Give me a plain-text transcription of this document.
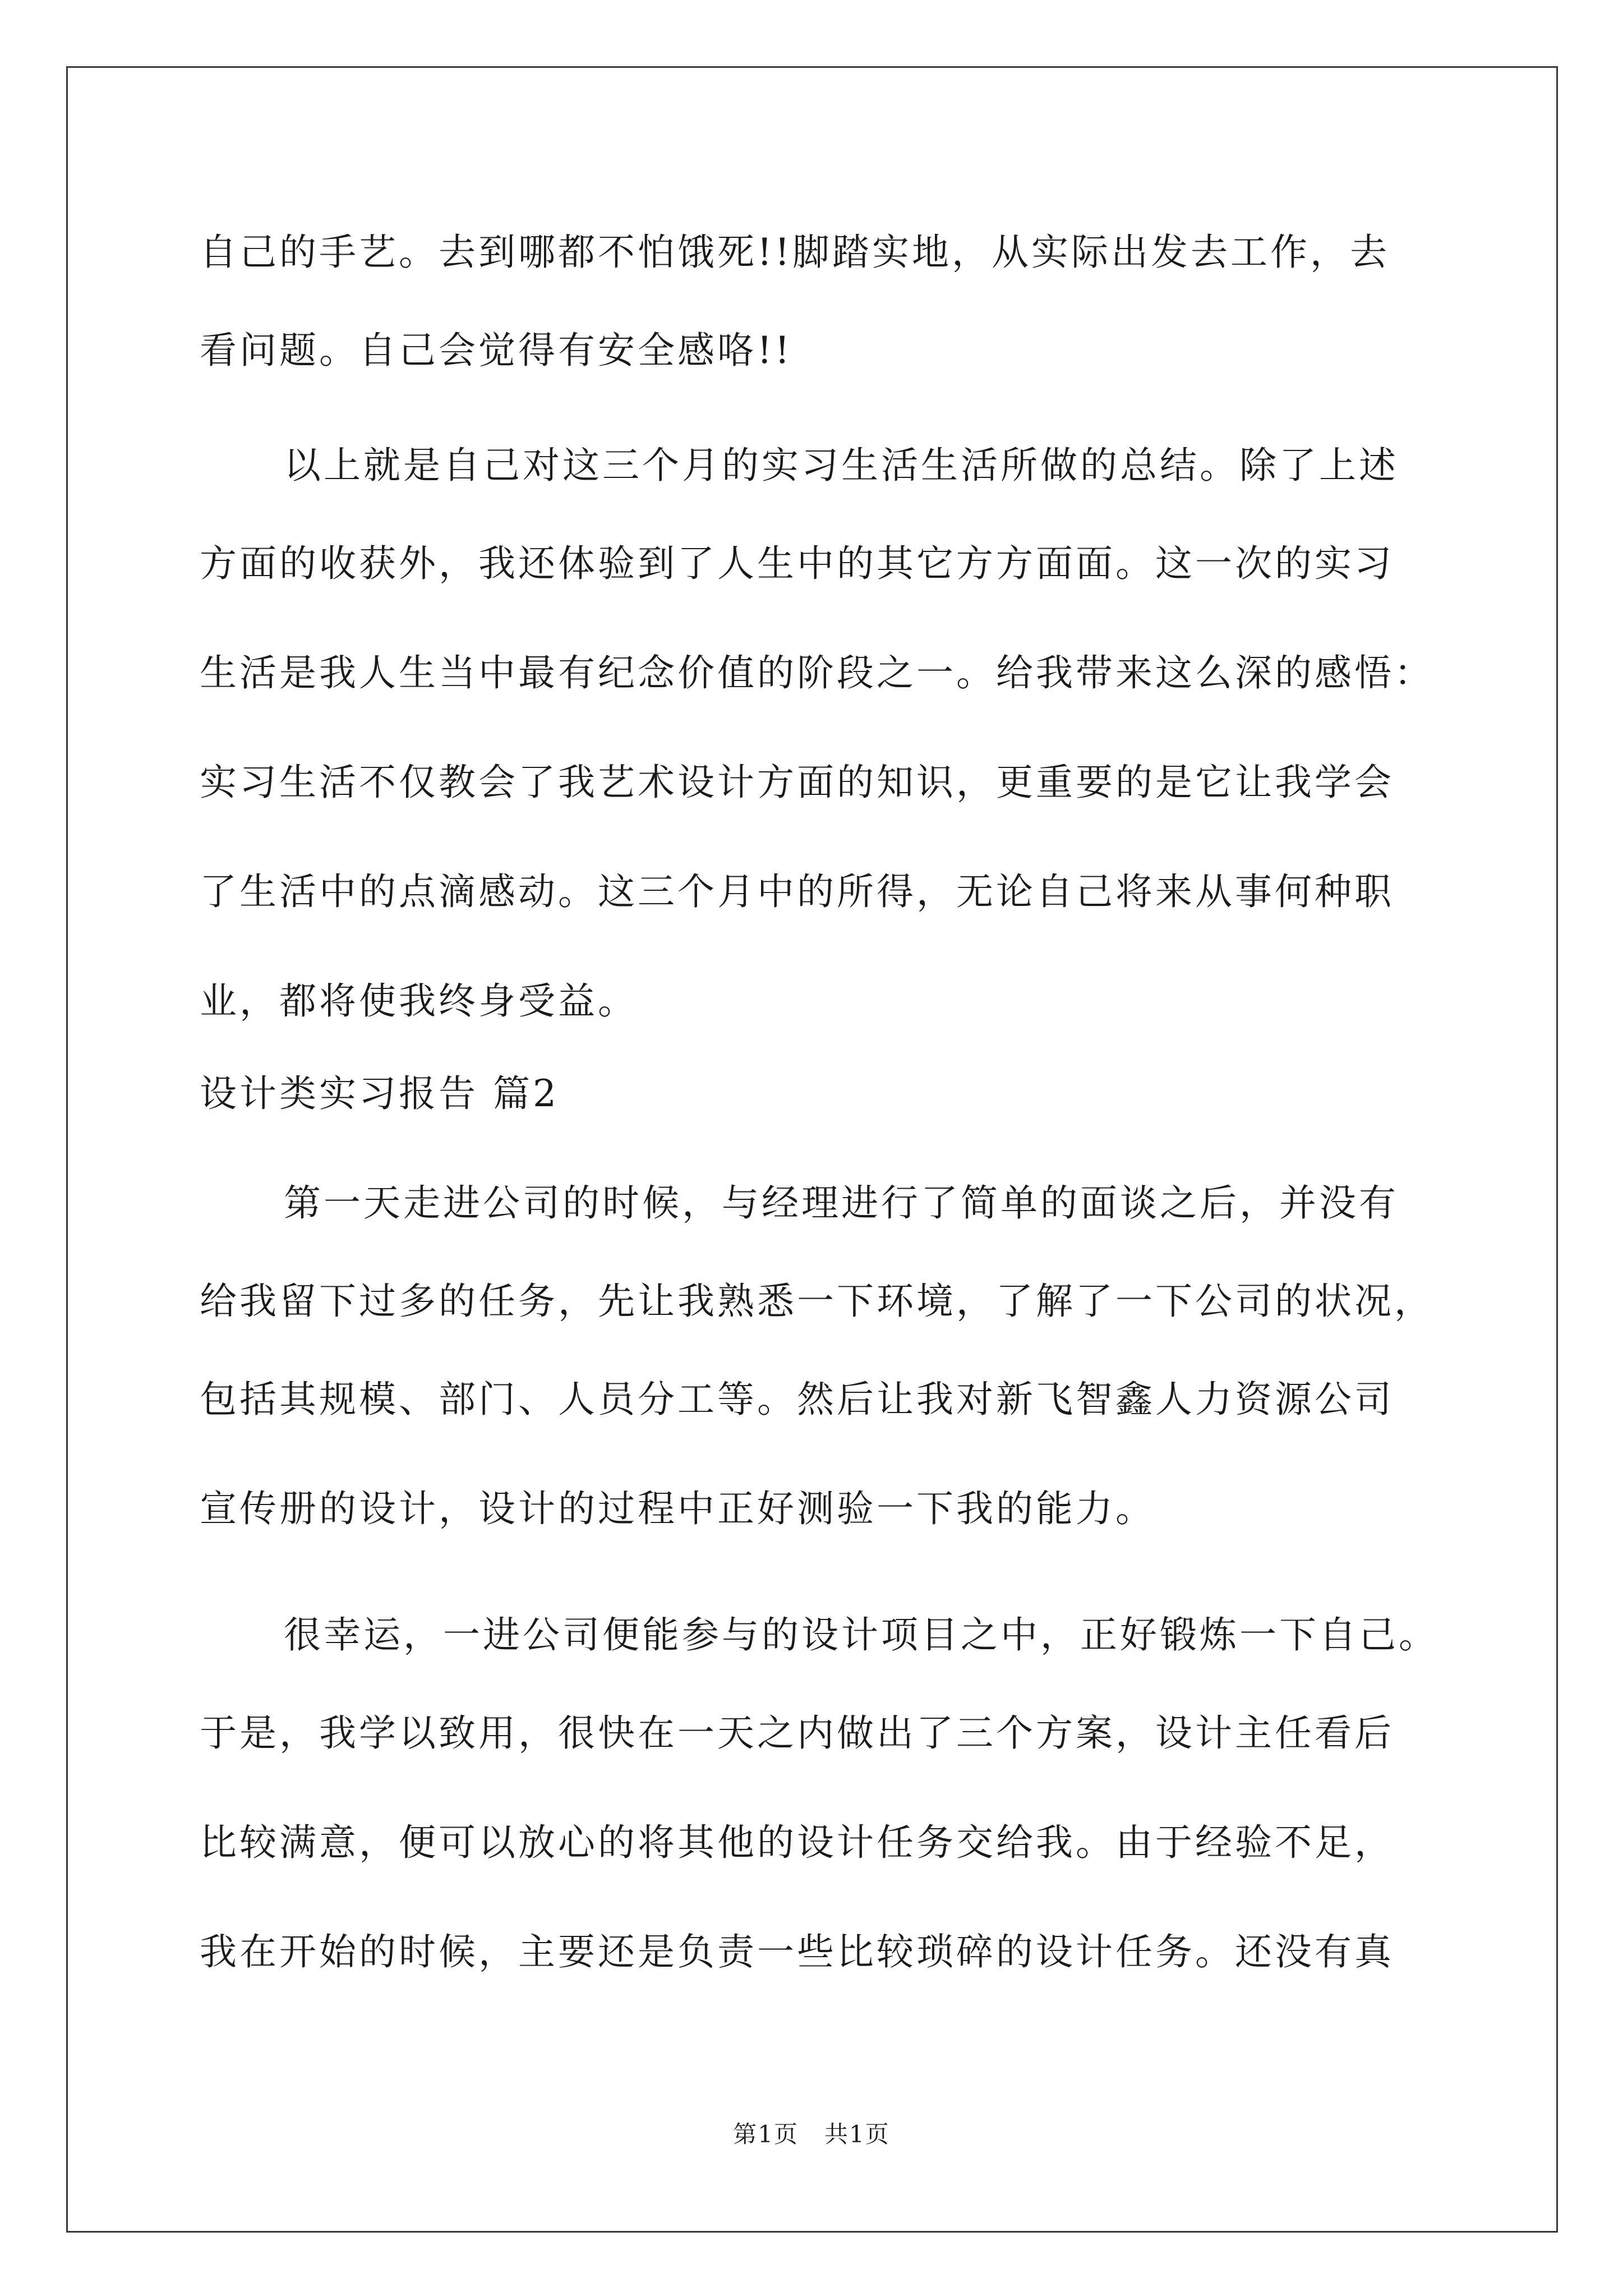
自己的手艺。去到哪都不怕饿死!!脚踏实地，从实际出发去工作，去
看问题。自己会觉得有安全感咯!!
以上就是自己对这三个月的实习生活生活所做的总结。除了上述
方面的收获外，我还体验到了人生中的其它方方面面。这一次的实习
生活是我人生当中最有纪念价值的阶段之一。给我带来这么深的感悟：
实习生活不仅教会了我艺术设计方面的知识，更重要的是它让我学会
了生活中的点滴感动。这三个月中的所得，无论自己将来从事何种职
业，都将使我终身受益。
设计类实习报告 篇2
第一天走进公司的时候，与经理进行了简单的面谈之后，并没有
给我留下过多的任务，先让我熟悉一下环境，了解了一下公司的状况，
包括其规模、部门、人员分工等。然后让我对新飞智鑫人力资源公司
宣传册的设计，设计的过程中正好测验一下我的能力。
很幸运，一进公司便能参与的设计项目之中，正好锻炼一下自己。
于是，我学以致用，很快在一天之内做出了三个方案，设计主任看后
比较满意，便可以放心的将其他的设计任务交给我。由于经验不足，
我在开始的时候，主要还是负责一些比较琐碎的设计任务。还没有真
第1页   共1页
